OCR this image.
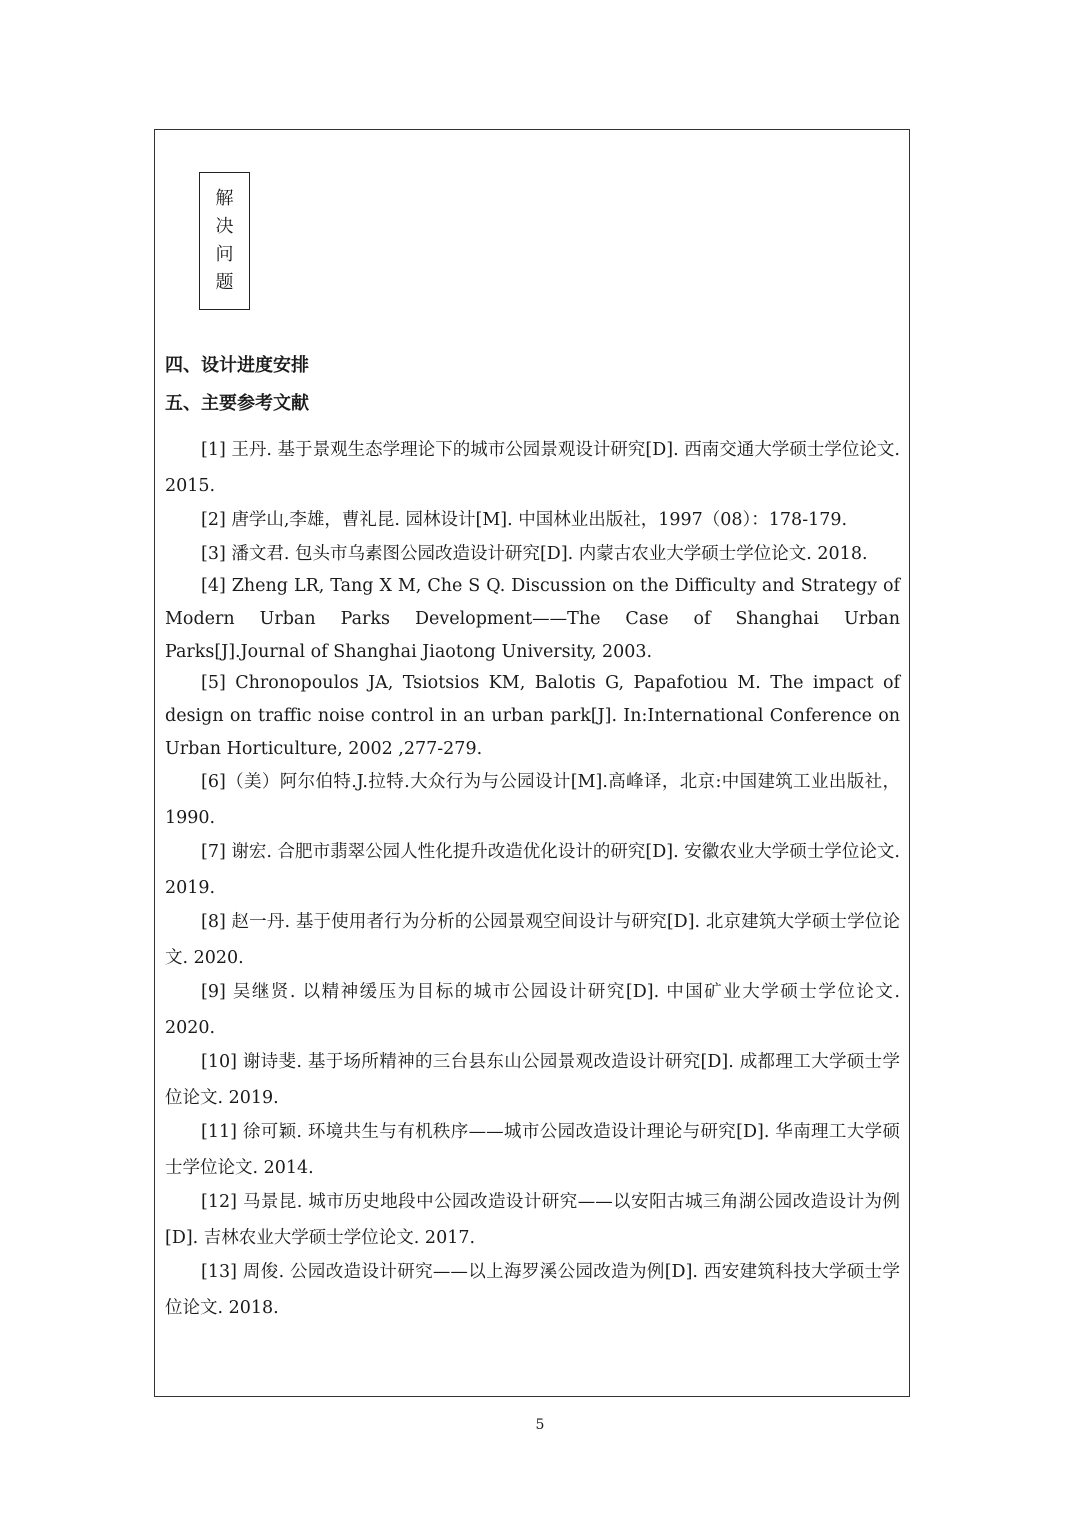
解
决
问
题
四、设计进度安排
五、主要参考文献
[1] 王丹. 基于景观生态学理论下的城市公园景观设计研究[D]. 西南交通大学硕士学位论文. 2015.
[2] 唐学山,李雄，曹礼昆. 园林设计[M]. 中国林业出版社，1997（08）：178-179.
[3] 潘文君. 包头市乌素图公园改造设计研究[D]. 内蒙古农业大学硕士学位论文. 2018.
[4] Zheng LR, Tang X M, Che S Q. Discussion on the Difficulty and Strategy of Modern Urban Parks Development——The Case of Shanghai Urban Parks[J].Journal of Shanghai Jiaotong University, 2003.
[5] Chronopoulos JA, Tsiotsios KM, Balotis G, Papafotiou M. The impact of design on traffic noise control in an urban park[J]. In:International Conference on Urban Horticulture, 2002 ,277-279.
[6]（美）阿尔伯特.J.拉特.大众行为与公园设计[M].高峰译，北京:中国建筑工业出版社，1990.
[7] 谢宏. 合肥市翡翠公园人性化提升改造优化设计的研究[D]. 安徽农业大学硕士学位论文. 2019.
[8] 赵一丹. 基于使用者行为分析的公园景观空间设计与研究[D]. 北京建筑大学硕士学位论文. 2020.
[9] 吴继贤. 以精神缓压为目标的城市公园设计研究[D]. 中国矿业大学硕士学位论文. 2020.
[10] 谢诗斐. 基于场所精神的三台县东山公园景观改造设计研究[D]. 成都理工大学硕士学位论文. 2019.
[11] 徐可颖. 环境共生与有机秩序——城市公园改造设计理论与研究[D]. 华南理工大学硕士学位论文. 2014.
[12] 马景昆. 城市历史地段中公园改造设计研究——以安阳古城三角湖公园改造设计为例[D]. 吉林农业大学硕士学位论文. 2017.
[13] 周俊. 公园改造设计研究——以上海罗溪公园改造为例[D]. 西安建筑科技大学硕士学位论文. 2018.
5
